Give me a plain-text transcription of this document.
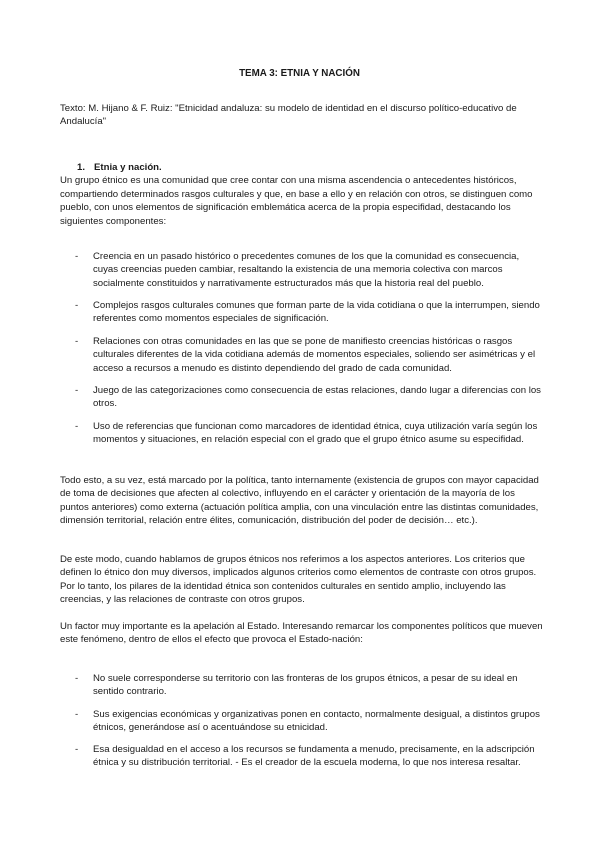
TEMA 3: ETNIA Y NACIÓN

Texto: M. Hijano & F. Ruiz: "Etnicidad andaluza: su modelo de identidad en el discurso político-educativo de Andalucía"

1. Etnia y nación.

Un grupo étnico es una comunidad que cree contar con una misma ascendencia o antecedentes históricos, compartiendo determinados rasgos culturales y que, en base a ello y en relación con otros, se distinguen como pueblo, con unos elementos de significación emblemática acerca de la propia especifidad, destacando los siguientes componentes:

- Creencia en un pasado histórico o precedentes comunes de los que la comunidad es consecuencia, cuyas creencias pueden cambiar, resaltando la existencia de una memoria colectiva con marcos socialmente constituidos y narrativamente estructurados más que la historia real del pueblo.

- Complejos rasgos culturales comunes que forman parte de la vida cotidiana o que la interrumpen, siendo referentes como momentos especiales de significación.

- Relaciones con otras comunidades en las que se pone de manifiesto creencias históricas o rasgos culturales diferentes de la vida cotidiana además de momentos especiales, soliendo ser asimétricas y el acceso a recursos a menudo es distinto dependiendo del grado de cada comunidad.

- Juego de las categorizaciones como consecuencia de estas relaciones, dando lugar a diferencias con los otros.

- Uso de referencias que funcionan como marcadores de identidad étnica, cuya utilización varía según los momentos y situaciones, en relación especial con el grado que el grupo étnico asume su especifidad.

Todo esto, a su vez, está marcado por la política, tanto internamente (existencia de grupos con mayor capacidad de toma de decisiones que afecten al colectivo, influyendo en el carácter y orientación de la mayoría de los puntos anteriores) como externa (actuación política amplia, con una vinculación entre las distintas comunidades, dimensión territorial, relación entre élites, comunicación, distribución del poder de decisión… etc.).

De este modo, cuando hablamos de grupos étnicos nos referimos a los aspectos anteriores. Los criterios que definen lo étnico don muy diversos, implicados algunos criterios como elementos de contraste con otros grupos. Por lo tanto, los pilares de la identidad étnica son contenidos culturales en sentido amplio, incluyendo las creencias, y las relaciones de contraste con otros grupos.

Un factor muy importante es la apelación al Estado. Interesando remarcar los componentes políticos que mueven este fenómeno, dentro de ellos el efecto que provoca el Estado-nación:

- No suele corresponderse su territorio con las fronteras de los grupos étnicos, a pesar de su ideal en sentido contrario.

- Sus exigencias económicas y organizativas ponen en contacto, normalmente desigual, a distintos grupos étnicos, generándose así o acentuándose su etnicidad.

- Esa desigualdad en el acceso a los recursos se fundamenta a menudo, precisamente, en la adscripción étnica y su distribución territorial. - Es el creador de la escuela moderna, lo que nos interesa resaltar.
